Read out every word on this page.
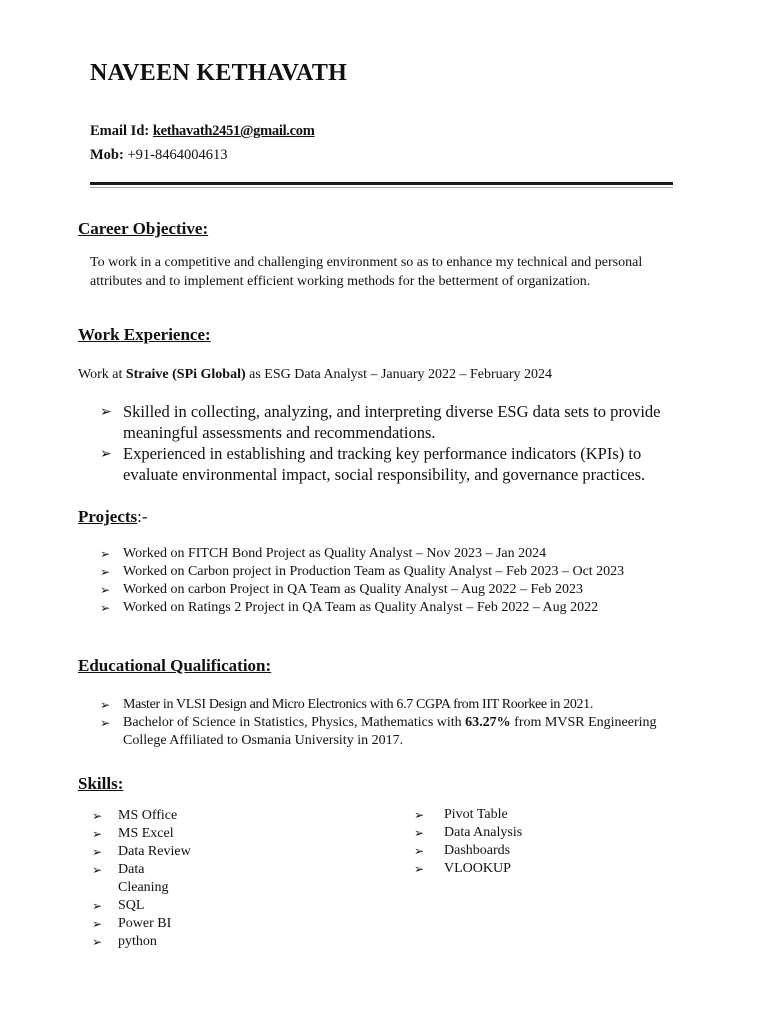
NAVEEN KETHAVATH
Email Id: kethavath2451@gmail.com
Mob: +91-8464004613
Career Objective:
To work in a competitive and challenging environment so as to enhance my technical and personal attributes and to implement efficient working methods for the betterment of organization.
Work Experience:
Work at Straive (SPi Global) as ESG Data Analyst – January 2022 – February 2024
➢ Skilled in collecting, analyzing, and interpreting diverse ESG data sets to provide meaningful assessments and recommendations.
➢ Experienced in establishing and tracking key performance indicators (KPIs) to evaluate environmental impact, social responsibility, and governance practices.
Projects:-
➢ Worked on FITCH Bond Project as Quality Analyst – Nov 2023 – Jan 2024
➢ Worked on Carbon project in Production Team as Quality Analyst – Feb 2023 – Oct 2023
➢ Worked on carbon Project in QA Team as Quality Analyst – Aug 2022 – Feb 2023
➢ Worked on Ratings 2 Project in QA Team as Quality Analyst – Feb 2022 – Aug 2022
Educational Qualification:
➢ Master in VLSI Design and Micro Electronics with 6.7 CGPA from IIT Roorkee in 2021.
➢ Bachelor of Science in Statistics, Physics, Mathematics with 63.27% from MVSR Engineering College Affiliated to Osmania University in 2017.
Skills:
➢ MS Office
➢ MS Excel
➢ Data Review
➢ Data Cleaning
➢ SQL
➢ Power BI
➢ python
➢ Pivot Table
➢ Data Analysis
➢ Dashboards
➢ VLOOKUP
